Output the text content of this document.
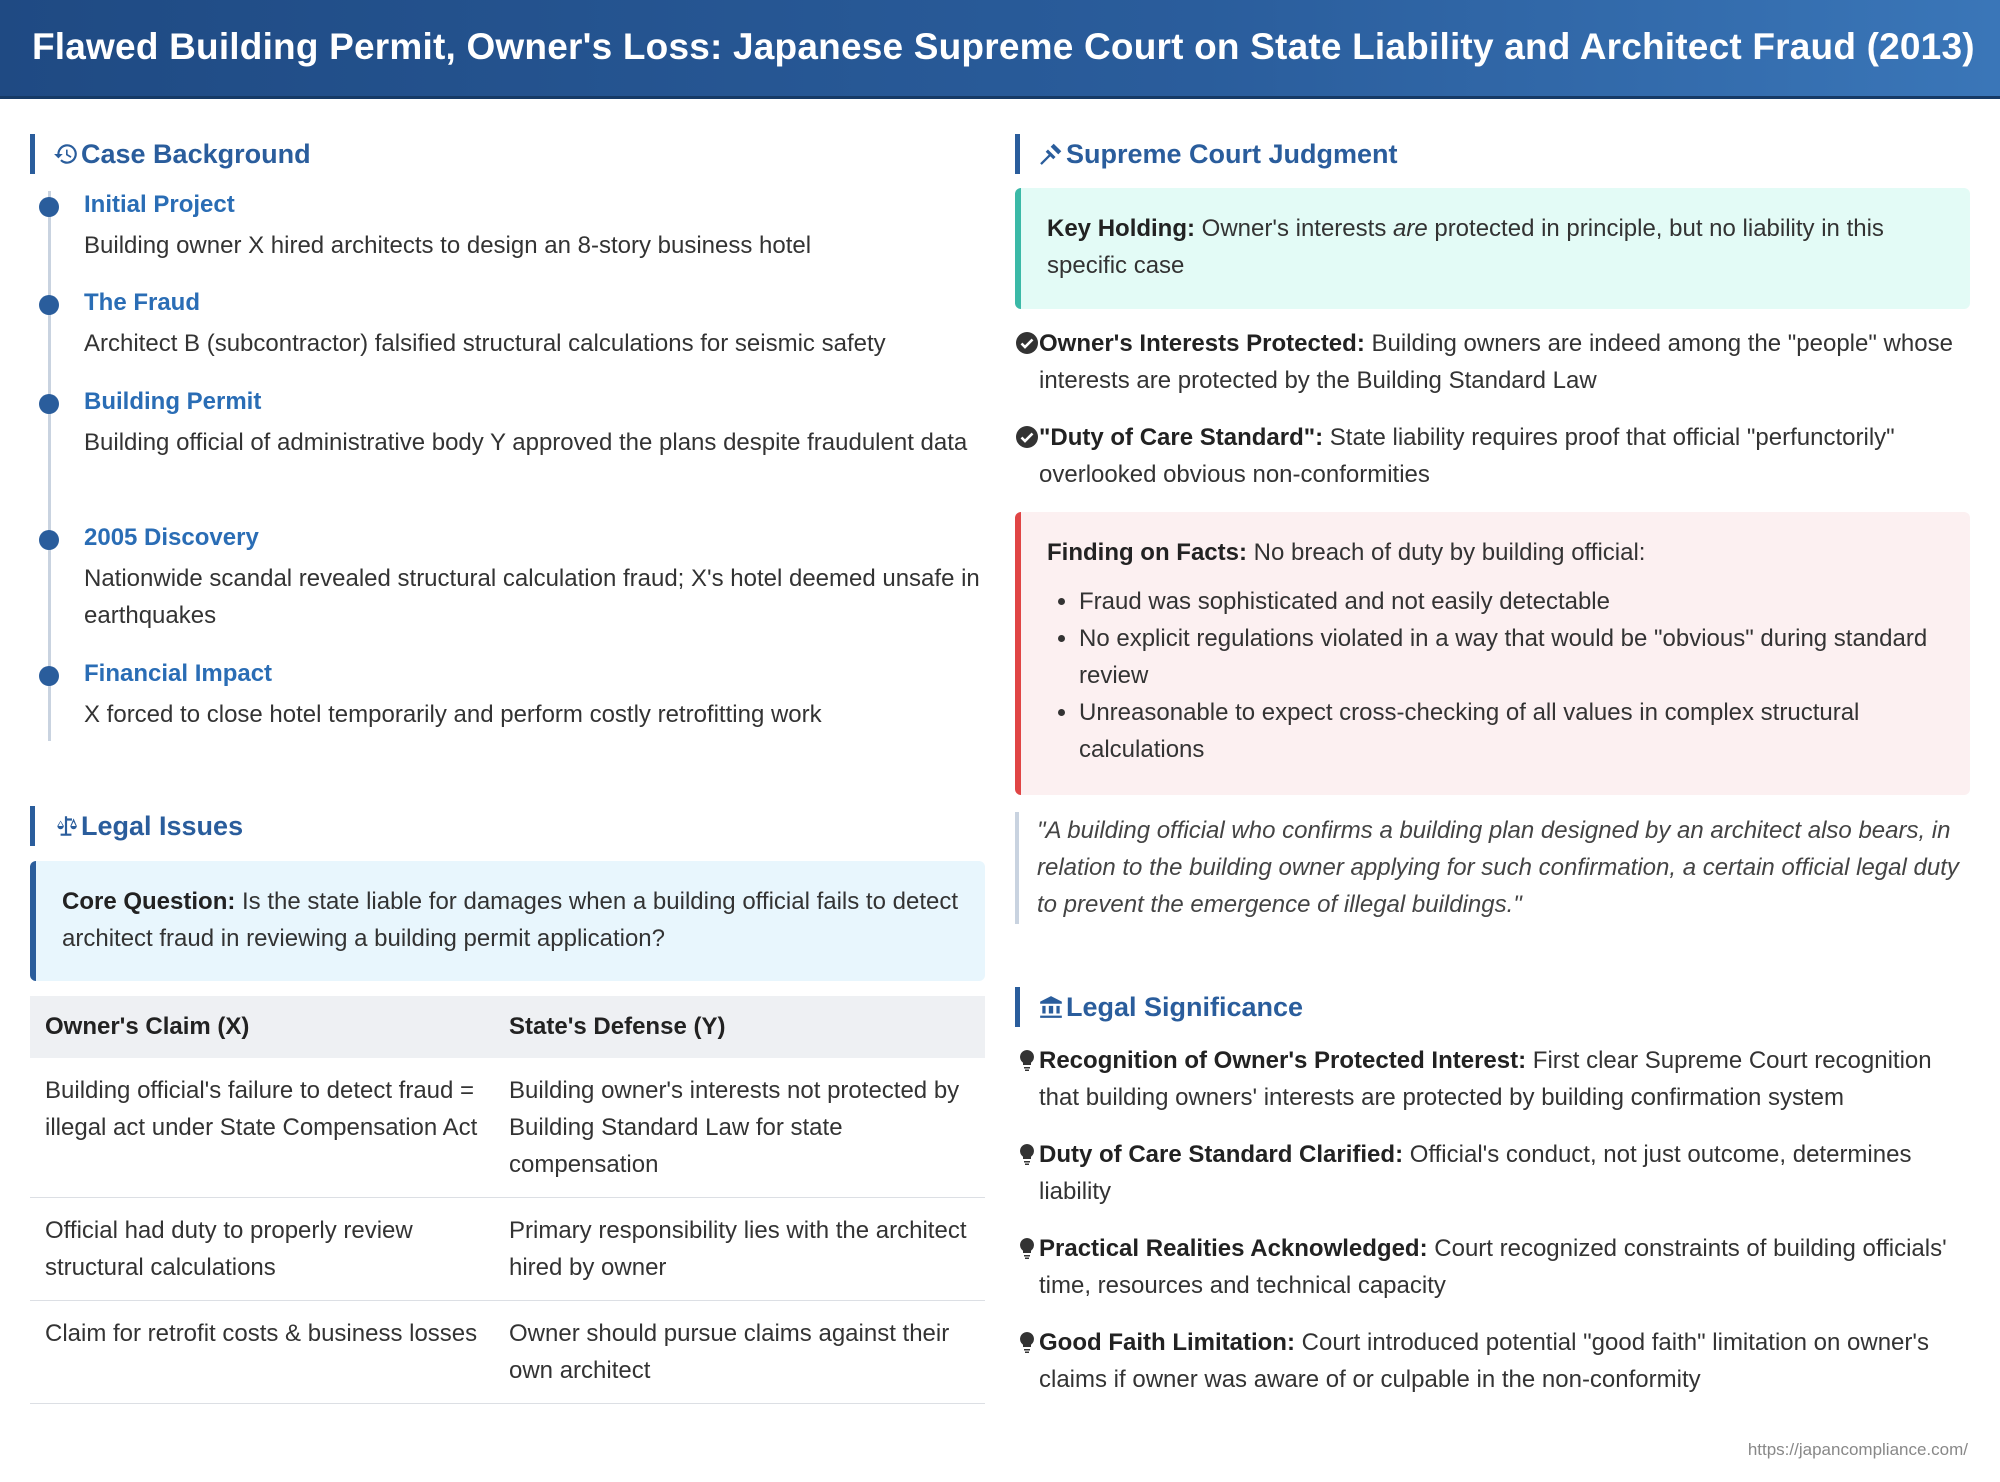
Flawed Building Permit, Owner's Loss: Japanese Supreme Court on State Liability and Architect Fraud (2013)
Case Background
Initial Project
Building owner X hired architects to design an 8-story business hotel
The Fraud
Architect B (subcontractor) falsified structural calculations for seismic safety
Building Permit
Building official of administrative body Y approved the plans despite fraudulent data
2005 Discovery
Nationwide scandal revealed structural calculation fraud; X's hotel deemed unsafe in earthquakes
Financial Impact
X forced to close hotel temporarily and perform costly retrofitting work
Legal Issues
Core Question: Is the state liable for damages when a building official fails to detect architect fraud in reviewing a building permit application?
Owner's Claim (X)	State's Defense (Y)
Building official's failure to detect fraud = illegal act under State Compensation Act	Building owner's interests not protected by Building Standard Law for state compensation
Official had duty to properly review structural calculations	Primary responsibility lies with the architect hired by owner
Claim for retrofit costs & business losses	Owner should pursue claims against their own architect
Supreme Court Judgment
Key Holding: Owner's interests are protected in principle, but no liability in this specific case
Owner's Interests Protected: Building owners are indeed among the "people" whose interests are protected by the Building Standard Law
"Duty of Care Standard": State liability requires proof that official "perfunctorily" overlooked obvious non-conformities
Finding on Facts: No breach of duty by building official:
• Fraud was sophisticated and not easily detectable
• No explicit regulations violated in a way that would be "obvious" during standard review
• Unreasonable to expect cross-checking of all values in complex structural calculations
"A building official who confirms a building plan designed by an architect also bears, in relation to the building owner applying for such confirmation, a certain official legal duty to prevent the emergence of illegal buildings."
Legal Significance
Recognition of Owner's Protected Interest: First clear Supreme Court recognition that building owners' interests are protected by building confirmation system
Duty of Care Standard Clarified: Official's conduct, not just outcome, determines liability
Practical Realities Acknowledged: Court recognized constraints of building officials' time, resources and technical capacity
Good Faith Limitation: Court introduced potential "good faith" limitation on owner's claims if owner was aware of or culpable in the non-conformity
https://japancompliance.com/
